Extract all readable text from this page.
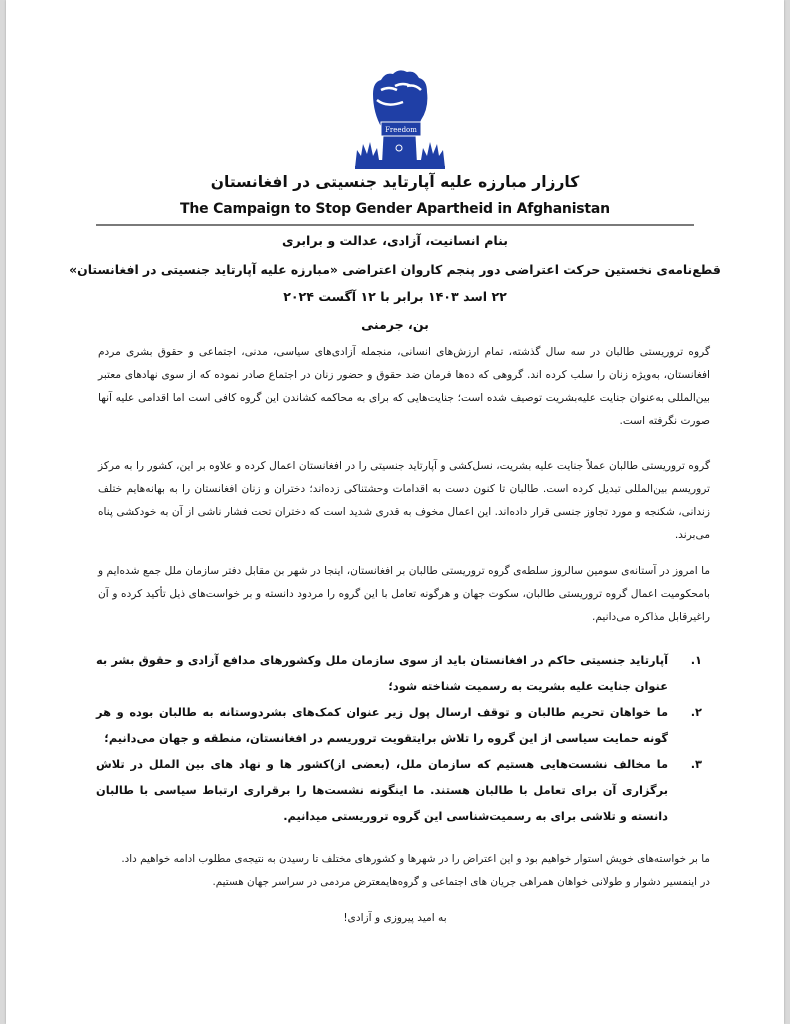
Freedom
کارزار مبارزه علیه آپارتاید جنسیتی در افغانستان
The Campaign to Stop Gender Apartheid in Afghanistan
بنام انسانیت، آزادی، عدالت و برابری
قطع‌نامه‌ی نخستین حرکت اعتراضی دور پنجم کاروان اعتراضی «مبارزه علیه آپارتاید جنسیتی در افغانستان»
۲۲ اسد ۱۴۰۳ برابر با ۱۲ آگست ۲۰۲۴
بن، جرمنی
گروه تروریستی طالبان در سه سال گذشته، تمام ارزش‌های انسانی، منجمله آزادی‌های سیاسی، مدنی، اجتماعی و حقوق بشری مردم افغانستان، بەویژه زنان را سلب کرده اند. گروهی که دەها فرمان ضد حقوق و حضور زنان در اجتماع صادر نموده که از سوی نهادهای معتبر بین‌المللی بەعنوان جنایت علیه‌بشریت توصیف شده است؛ جنایت‌هایی که برای به محاکمه کشاندن این گروه کافی است اما اقدامی علیه آنها صورت نگرفته است.
گروه تروریستی طالبان عملاً جنایت علیه بشریت، نسل‌کشی و آپارتاید جنسیتی را در افغانستان اعمال کرده و علاوه بر این، کشور را به مرکز تروریسم بین‌المللی تبدیل کرده است. طالبان تا کنون دست به اقدامات وحشتناکی زده‌اند؛ دختران و زنان افغانستان را به بهانه‌هایم ختلف زندانی، شکنجه و مورد تجاوز جنسی قرار داده‌اند. این اعمال مخوف به قدری شدید است که دختران تحت فشار ناشی از آن به خودکشی پناه می‌برند.
ما امروز در آستانه‌ی سومین سالروز سلطه‌ی گروه تروریستی طالبان بر افغانستان، اینجا در شهر بن مقابل دفتر سازمان ملل جمع شده‌ایم و بامحکومیت اعمال گروه تروریستی طالبان، سکوت جهان و هرگونه تعامل با این گروه را مردود دانسته و بر خواست‌های ذیل تأکید کرده و آن راغیرقابل مذاکره می‌دانیم.
۱.
آپارتاید جنسیتی حاکم در افغانستان باید از سوی سازمان ملل وکشورهای مدافع آزادی و حقوق بشر به عنوان جنایت علیه بشریت به رسمیت شناخته شود؛
۲.
ما خواهان تحریم طالبان و توقف ارسال پول زیر عنوان کمک‌های بشردوستانه به طالبان بوده و هر گونه حمایت سیاسی از این گروه را تلاش برایتقویت تروریسم در افغانستان، منطقه و جهان می‌دانیم؛
۳.
ما مخالف نشست‌هایی هستیم که سازمان ملل، (بعضی از)کشور ها و نهاد های بین الملل در تلاش برگزاری آن برای تعامل با طالبان هستند. ما اینگونه نشست‌ها را برقراری ارتباط سیاسی با طالبان دانسته و تلاشی برای به رسمیت‌شناسی این گروه تروریستی میدانیم.
ما بر خواسته‌های خویش استوار خواهیم بود و این اعتراض را در شهرها و کشورهای مختلف تا رسیدن به نتیجه‌ی مطلوب ادامه خواهیم داد.
در اینمسیر دشوار و طولانی خواهان همراهی جریان های اجتماعی و گروه‌هایمعترض مردمی در سراسر جهان هستیم.
به امید پیروزی و آزادی!
